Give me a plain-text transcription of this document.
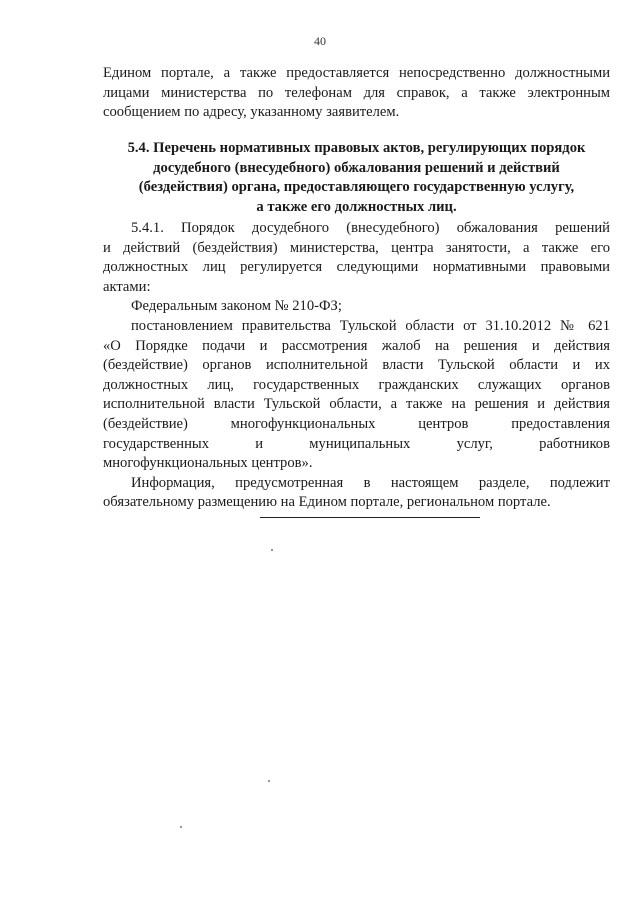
40
Едином портале, а также предоставляется непосредственно должностными
лицами министерства по телефонам для справок, а также электронным
сообщением по адресу, указанному заявителем.
5.4. Перечень нормативных правовых актов, регулирующих порядок
досудебного (внесудебного) обжалования решений и действий
(бездействия) органа, предоставляющего государственную услугу,
а также его должностных лиц.
5.4.1. Порядок досудебного (внесудебного) обжалования решений
и действий (бездействия) министерства, центра занятости, а также его
должностных лиц регулируется следующими нормативными правовыми
актами:
Федеральным законом № 210-ФЗ;
постановлением правительства Тульской области от 31.10.2012 № 621
«О Порядке подачи и рассмотрения жалоб на решения и действия
(бездействие) органов исполнительной власти Тульской области и их
должностных лиц, государственных гражданских служащих органов
исполнительной власти Тульской области, а также на решения и действия
(бездействие) многофункциональных центров предоставления
государственных и муниципальных услуг, работников
многофункциональных центров».
Информация, предусмотренная в настоящем разделе, подлежит
обязательному размещению на Едином портале, региональном портале.
